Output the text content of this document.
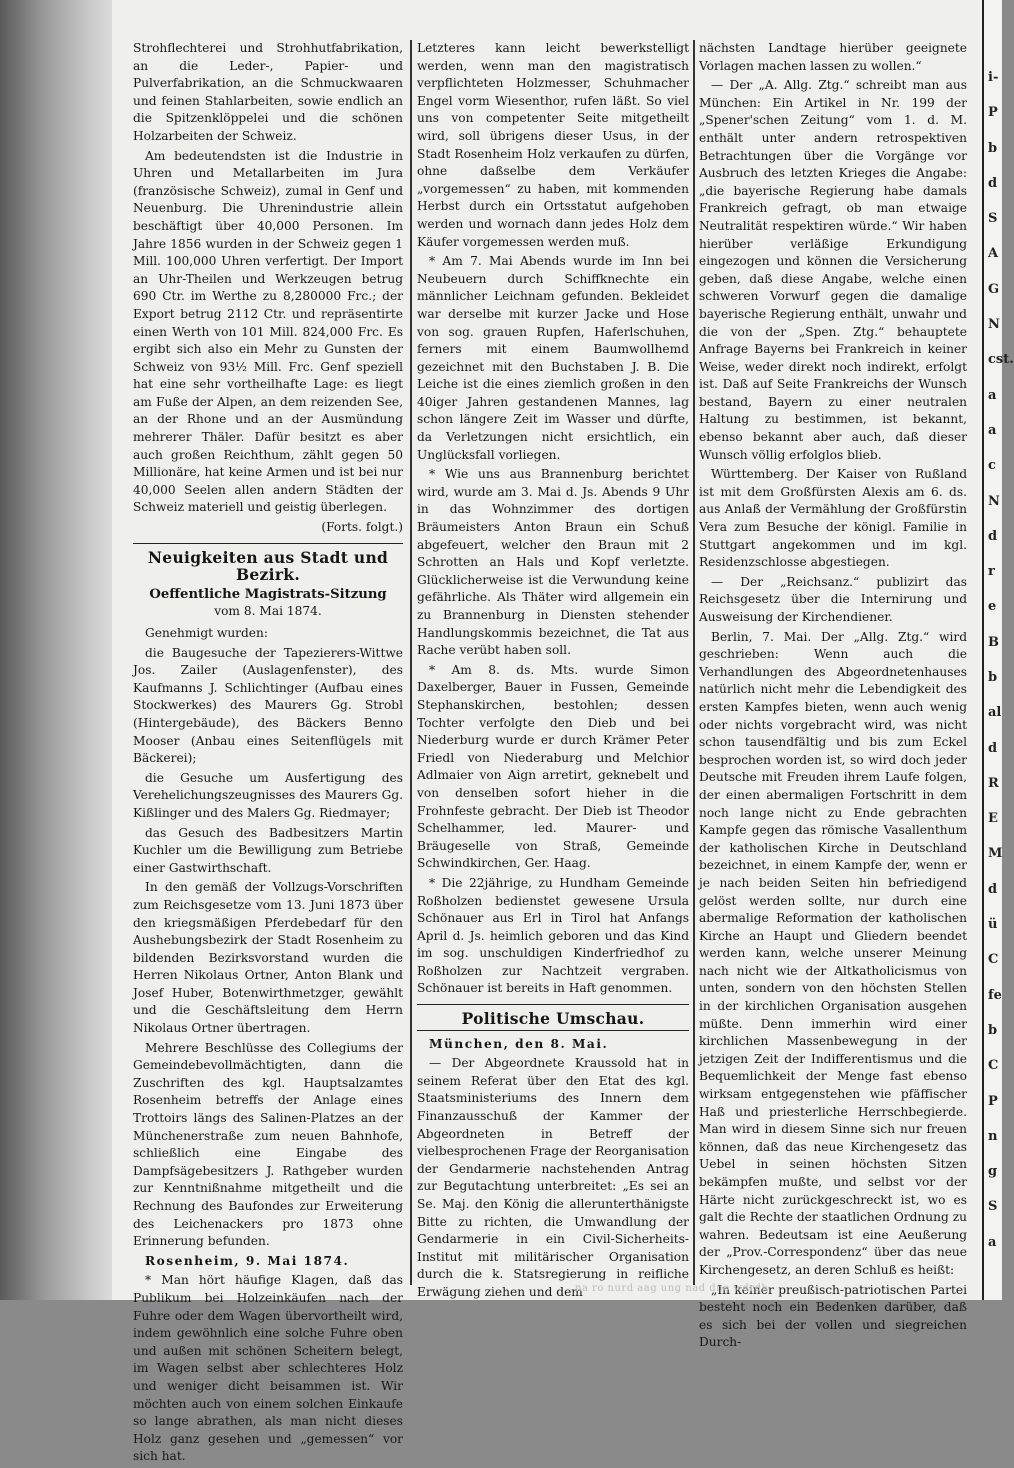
Strohflechterei und Strohhutfabrikation, an die Leder-, Papier- und Pulverfabrikation, an die Schmuckwaaren und feinen Stahlarbeiten, sowie endlich an die Spitzenklöppelei und die schönen Holzarbeiten der Schweiz.

Am bedeutendsten ist die Industrie in Uhren und Metallarbeiten im Jura (französische Schweiz), zumal in Genf und Neuenburg. Die Uhrenindustrie allein beschäftigt über 40,000 Personen. Im Jahre 1856 wurden in der Schweiz gegen 1 Mill. 100,000 Uhren verfertigt. Der Import an Uhr-Theilen und Werkzeugen betrug 690 Ctr. im Werthe zu 8,280000 Frc.; der Export betrug 2112 Ctr. und repräsentirte einen Werth von 101 Mill. 824,000 Frc. Es ergibt sich also ein Mehr zu Gunsten der Schweiz von 93½ Mill. Frc. Genf speziell hat eine sehr vortheilhafte Lage: es liegt am Fuße der Alpen, an dem reizenden See, an der Rhone und an der Ausmündung mehrerer Thäler. Dafür besitzt es aber auch großen Reichthum, zählt gegen 50 Millionäre, hat keine Armen und ist bei nur 40,000 Seelen allen andern Städten der Schweiz materiell und geistig überlegen.

(Forts. folgt.)
Neuigkeiten aus Stadt und Bezirk.
Oeffentliche Magistrats-Sitzung
vom 8. Mai 1874.

Genehmigt wurden:

die Baugesuche der Tapezierers-Wittwe Jos. Zailer (Auslagenfenster), des Kaufmanns J. Schlichtinger (Aufbau eines Stockwerkes) des Maurers Gg. Strobl (Hintergebäude), des Bäckers Benno Mooser (Anbau eines Seitenflügels mit Bäckerei);

die Gesuche um Ausfertigung des Verehelichungszeugnisses des Maurers Gg. Kißlinger und des Malers Gg. Riedmayer;

das Gesuch des Badbesitzers Martin Kuchler um die Bewilligung zum Betriebe einer Gastwirthschaft.

In den gemäß der Vollzugs-Vorschriften zum Reichsgesetze vom 13. Juni 1873 über den kriegsmäßigen Pferdebedarf für den Aushebungsbezirk der Stadt Rosenheim zu bildenden Bezirksvorstand wurden die Herren Nikolaus Ortner, Anton Blank und Josef Huber, Botenwirthmetzger, gewählt und die Geschäftsleitung dem Herrn Nikolaus Ortner übertragen.

Mehrere Beschlüsse des Collegiums der Gemeindebevollmächtigten, dann die Zuschriften des kgl. Hauptsalzamtes Rosenheim betreffs der Anlage eines Trottoirs längs des Salinen-Platzes an der Münchenerstraße zum neuen Bahnhofe, schließlich eine Eingabe des Dampfsägebesitzers J. Rathgeber wurden zur Kenntnißnahme mitgetheilt und die Rechnung des Baufondes zur Erweiterung des Leichenackers pro 1873 ohne Erinnerung befunden.

Rosenheim, 9. Mai 1874.

* Man hört häufige Klagen, daß das Publikum bei Holzeinkäufen nach der Fuhre oder dem Wagen übervortheilt wird, indem gewöhnlich eine solche Fuhre oben und außen mit schönen Scheitern belegt, im Wagen selbst aber schlechteres Holz und weniger dicht beisammen ist. Wir möchten auch von einem solchen Einkaufe so lange abrathen, als man nicht dieses Holz ganz gesehen und „gemessen“ vor sich hat.

Letzteres kann leicht bewerkstelligt werden, wenn man den magistratisch verpflichteten Holzmesser, Schuhmacher Engel vorm Wiesenthor, rufen läßt. So viel uns von competenter Seite mitgetheilt wird, soll übrigens dieser Usus, in der Stadt Rosenheim Holz verkaufen zu dürfen, ohne daßselbe dem Verkäufer „vorgemessen“ zu haben, mit kommenden Herbst durch ein Ortsstatut aufgehoben werden und wornach dann jedes Holz dem Käufer vorgemessen werden muß.

* Am 7. Mai Abends wurde im Inn bei Neubeuern durch Schiffknechte ein männlicher Leichnam gefunden. Bekleidet war derselbe mit kurzer Jacke und Hose von sog. grauen Rupfen, Haferlschuhen, ferners mit einem Baumwollhemd gezeichnet mit den Buchstaben J. B. Die Leiche ist die eines ziemlich großen in den 40iger Jahren gestandenen Mannes, lag schon längere Zeit im Wasser und dürfte, da Verletzungen nicht ersichtlich, ein Unglücksfall vorliegen.

* Wie uns aus Brannenburg berichtet wird, wurde am 3. Mai d. Js. Abends 9 Uhr in das Wohnzimmer des dortigen Bräumeisters Anton Braun ein Schuß abgefeuert, welcher den Braun mit 2 Schrotten an Hals und Kopf verletzte. Glücklicherweise ist die Verwundung keine gefährliche. Als Thäter wird allgemein ein zu Brannenburg in Diensten stehender Handlungskommis bezeichnet, die Tat aus Rache verübt haben soll.

* Am 8. ds. Mts. wurde Simon Daxelberger, Bauer in Fussen, Gemeinde Stephanskirchen, bestohlen; dessen Tochter verfolgte den Dieb und bei Niederburg wurde er durch Krämer Peter Friedl von Niederaburg und Melchior Adlmaier von Aign arretirt, geknebelt und von denselben sofort hieher in die Frohnfeste gebracht. Der Dieb ist Theodor Schelhammer, led. Maurer- und Bräugeselle von Straß, Gemeinde Schwindkirchen, Ger. Haag.

* Die 22jährige, zu Hundham Gemeinde Roßholzen bedienstet gewesene Ursula Schönauer aus Erl in Tirol hat Anfangs April d. Js. heimlich geboren und das Kind im sog. unschuldigen Kinderfriedhof zu Roßholzen zur Nachtzeit vergraben. Schönauer ist bereits in Haft genommen.

Politische Umschau.

München, den 8. Mai.

— Der Abgeordnete Kraussold hat in seinem Referat über den Etat des kgl. Staatsministeriums des Innern dem Finanzausschuß der Kammer der Abgeordneten in Betreff der vielbesprochenen Frage der Reorganisation der Gendarmerie nachstehenden Antrag zur Begutachtung unterbreitet: „Es sei an Se. Maj. den König die allerunterthänigste Bitte zu richten, die Umwandlung der Gendarmerie in ein Civil-Sicherheits-Institut mit militärischer Organisation durch die k. Statsregierung in reifliche Erwägung ziehen und dem

nächsten Landtage hierüber geeignete Vorlagen machen lassen zu wollen.“

— Der „A. Allg. Ztg.“ schreibt man aus München: Ein Artikel in Nr. 199 der „Spener'schen Zeitung“ vom 1. d. M. enthält unter andern retrospektiven Betrachtungen über die Vorgänge vor Ausbruch des letzten Krieges die Angabe: „die bayerische Regierung habe damals Frankreich gefragt, ob man etwaige Neutralität respektiren würde.“ Wir haben hierüber verläßige Erkundigung eingezogen und können die Versicherung geben, daß diese Angabe, welche einen schweren Vorwurf gegen die damalige bayerische Regierung enthält, unwahr und die von der „Spen. Ztg.“ behauptete Anfrage Bayerns bei Frankreich in keiner Weise, weder direkt noch indirekt, erfolgt ist. Daß auf Seite Frankreichs der Wunsch bestand, Bayern zu einer neutralen Haltung zu bestimmen, ist bekannt, ebenso bekannt aber auch, daß dieser Wunsch völlig erfolglos blieb.

Württemberg. Der Kaiser von Rußland ist mit dem Großfürsten Alexis am 6. ds. aus Anlaß der Vermählung der Großfürstin Vera zum Besuche der königl. Familie in Stuttgart angekommen und im kgl. Residenzschlosse abgestiegen.

— Der „Reichsanz.“ publizirt das Reichsgesetz über die Internirung und Ausweisung der Kirchendiener.

Berlin, 7. Mai. Der „Allg. Ztg.“ wird geschrieben: Wenn auch die Verhandlungen des Abgeordnetenhauses natürlich nicht mehr die Lebendigkeit des ersten Kampfes bieten, wenn auch wenig oder nichts vorgebracht wird, was nicht schon tausendfältig und bis zum Eckel besprochen worden ist, so wird doch jeder Deutsche mit Freuden ihrem Laufe folgen, der einen abermaligen Fortschritt in dem noch lange nicht zu Ende gebrachten Kampfe gegen das römische Vasallenthum der katholischen Kirche in Deutschland bezeichnet, in einem Kampfe der, wenn er je nach beiden Seiten hin befriedigend gelöst werden sollte, nur durch eine abermalige Reformation der katholischen Kirche an Haupt und Gliedern beendet werden kann, welche unserer Meinung nach nicht wie der Altkatholicismus von unten, sondern von den höchsten Stellen in der kirchlichen Organisation ausgehen müßte. Denn immerhin wird einer kirchlichen Massenbewegung in der jetzigen Zeit der Indifferentismus und die Bequemlichkeit der Menge fast ebenso wirksam entgegenstehen wie pfäffischer Haß und priesterliche Herrschbegierde. Man wird in diesem Sinne sich nur freuen können, daß das neue Kirchengesetz das Uebel in seinen höchsten Sitzen bekämpfen mußte, und selbst vor der Härte nicht zurückgeschreckt ist, wo es galt die Rechte der staatlichen Ordnung zu wahren. Bedeutsam ist eine Aeußerung der „Prov.-Correspondenz“ über das neue Kirchengesetz, an deren Schluß es heißt:

„In keiner preußisch-patriotischen Partei besteht noch ein Bedenken darüber, daß es sich bei der vollen und siegreichen Durch-

i-
P
b
d
S
A
G
N
cst.
a
a
c
N
d
r
e
B
b
al
d
R
E
M
d
ü
C
fe
b
C
P
n
g
S
a
na ro nurd aag ung nad dno wdrdh
